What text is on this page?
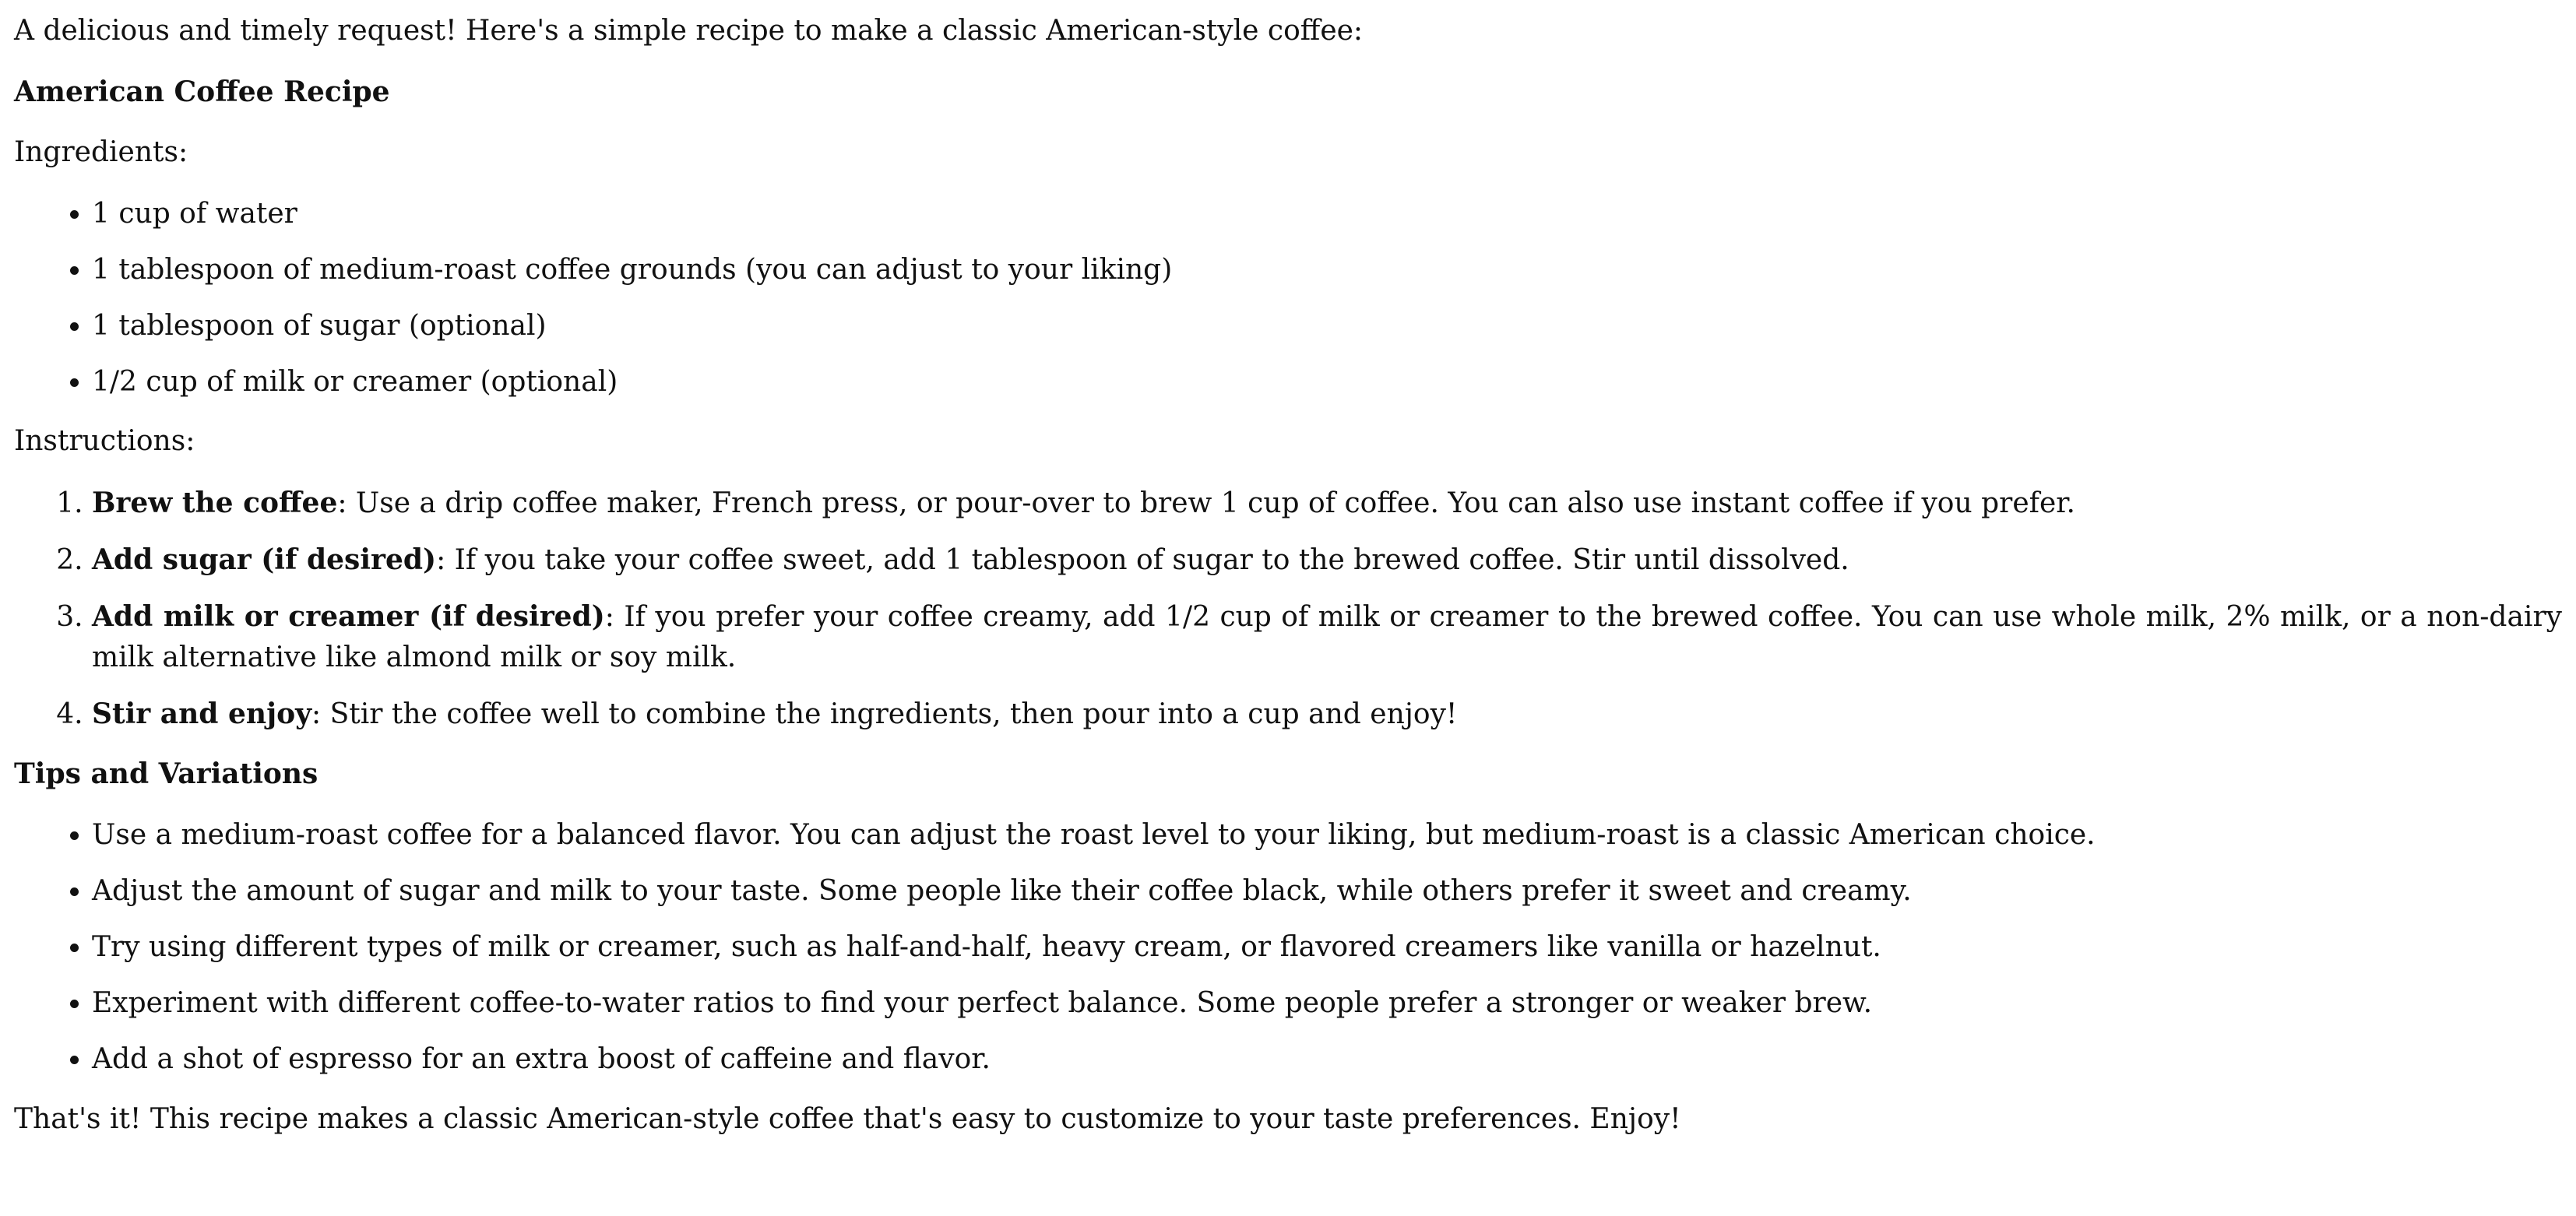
A delicious and timely request! Here's a simple recipe to make a classic American-style coffee:

American Coffee Recipe

Ingredients:

• 1 cup of water
• 1 tablespoon of medium-roast coffee grounds (you can adjust to your liking)
• 1 tablespoon of sugar (optional)
• 1/2 cup of milk or creamer (optional)

Instructions:

1. Brew the coffee: Use a drip coffee maker, French press, or pour-over to brew 1 cup of coffee. You can also use instant coffee if you prefer.
2. Add sugar (if desired): If you take your coffee sweet, add 1 tablespoon of sugar to the brewed coffee. Stir until dissolved.
3. Add milk or creamer (if desired): If you prefer your coffee creamy, add 1/2 cup of milk or creamer to the brewed coffee. You can use whole milk, 2% milk, or a non-dairy milk alternative like almond milk or soy milk.
4. Stir and enjoy: Stir the coffee well to combine the ingredients, then pour into a cup and enjoy!
Tips and Variations
• Use a medium-roast coffee for a balanced flavor. You can adjust the roast level to your liking, but medium-roast is a classic American choice.
• Adjust the amount of sugar and milk to your taste. Some people like their coffee black, while others prefer it sweet and creamy.
• Try using different types of milk or creamer, such as half-and-half, heavy cream, or flavored creamers like vanilla or hazelnut.
• Experiment with different coffee-to-water ratios to find your perfect balance. Some people prefer a stronger or weaker brew.
• Add a shot of espresso for an extra boost of caffeine and flavor.

That's it! This recipe makes a classic American-style coffee that's easy to customize to your taste preferences. Enjoy!
